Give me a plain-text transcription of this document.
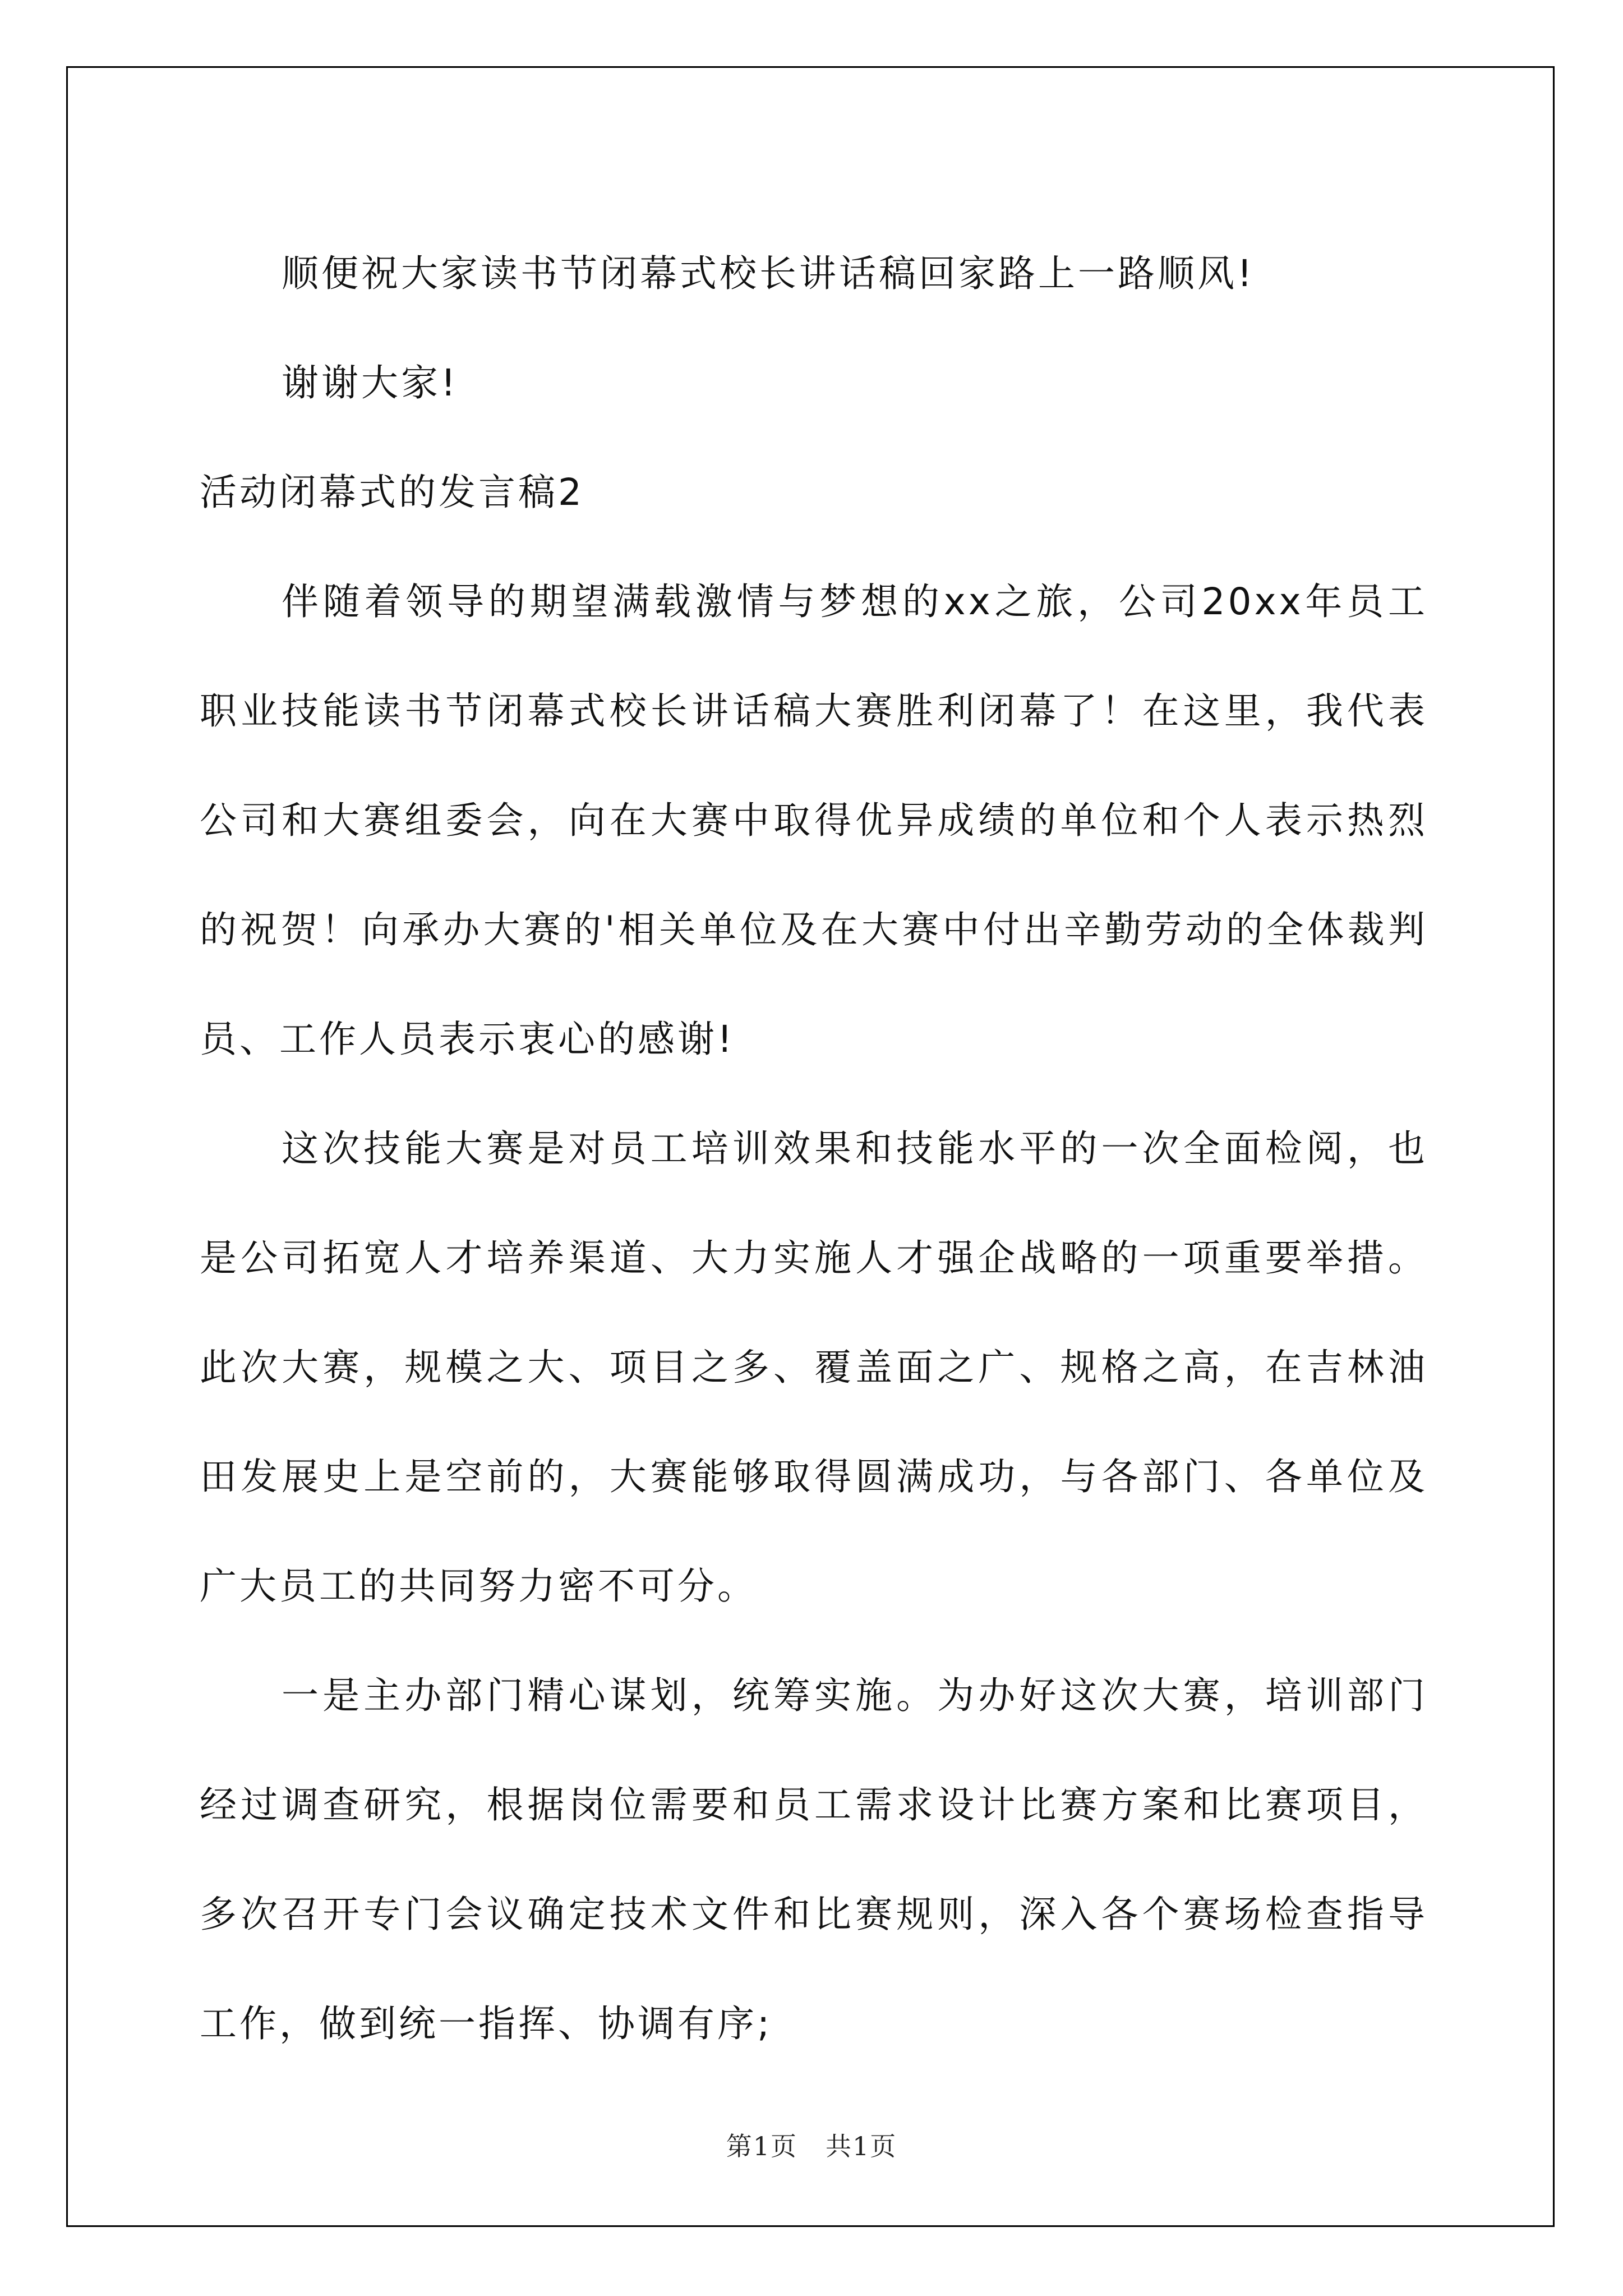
顺便祝大家读书节闭幕式校长讲话稿回家路上一路顺风!

谢谢大家!

活动闭幕式的发言稿2

伴随着领导的期望满载激情与梦想的xx之旅，公司20xx年员工职业技能读书节闭幕式校长讲话稿大赛胜利闭幕了！在这里，我代表公司和大赛组委会，向在大赛中取得优异成绩的单位和个人表示热烈的祝贺！向承办大赛的'相关单位及在大赛中付出辛勤劳动的全体裁判员、工作人员表示衷心的感谢!

这次技能大赛是对员工培训效果和技能水平的一次全面检阅，也是公司拓宽人才培养渠道、大力实施人才强企战略的一项重要举措。此次大赛，规模之大、项目之多、覆盖面之广、规格之高，在吉林油田发展史上是空前的，大赛能够取得圆满成功，与各部门、各单位及广大员工的共同努力密不可分。

一是主办部门精心谋划，统筹实施。为办好这次大赛，培训部门经过调查研究，根据岗位需要和员工需求设计比赛方案和比赛项目，多次召开专门会议确定技术文件和比赛规则，深入各个赛场检查指导工作，做到统一指挥、协调有序;

第1页 共1页
